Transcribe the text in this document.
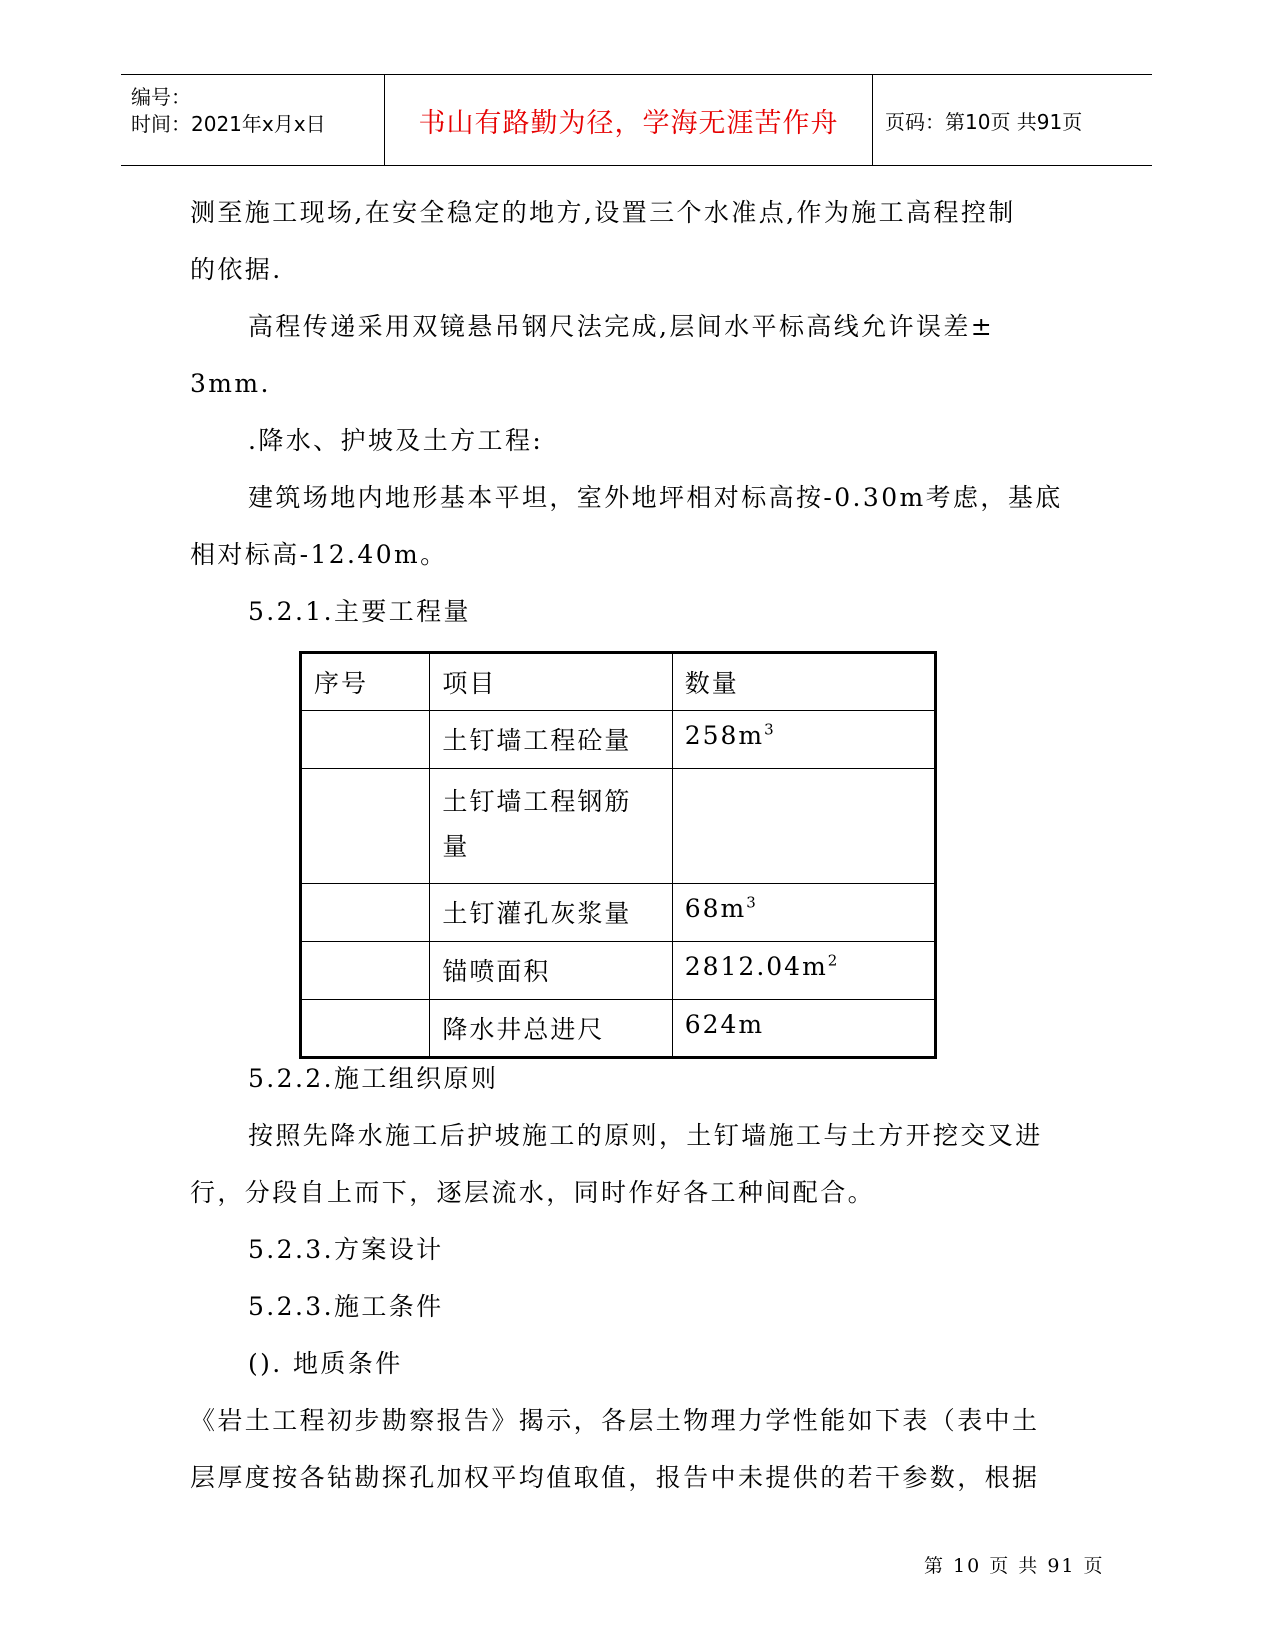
编号：
时间：2021年x月x日	书山有路勤为径，学海无涯苦作舟	页码：第10页 共91页
测至施工现场,在安全稳定的地方,设置三个水准点,作为施工高程控制
的依据.
高程传递采用双镜悬吊钢尺法完成,层间水平标高线允许误差±
3mm.
.降水、护坡及土方工程:
建筑场地内地形基本平坦，室外地坪相对标高按-0.30m考虑，基底
相对标高-12.40m。
5.2.1.主要工程量
序号	项目	数量
	土钉墙工程砼量	$258m^3$
	土钉墙工程钢筋
量	
	土钉灌孔灰浆量	$68m^3$
	锚喷面积	$2812.04m^2$
	降水井总进尺	624m
5.2.2.施工组织原则
按照先降水施工后护坡施工的原则，土钉墙施工与土方开挖交叉进
行，分段自上而下，逐层流水，同时作好各工种间配合。
5.2.3.方案设计
5.2.3.施工条件
(). 地质条件
《岩土工程初步勘察报告》揭示，各层土物理力学性能如下表（表中土
层厚度按各钻勘探孔加权平均值取值，报告中未提供的若干参数，根据
第 10 页 共 91 页
